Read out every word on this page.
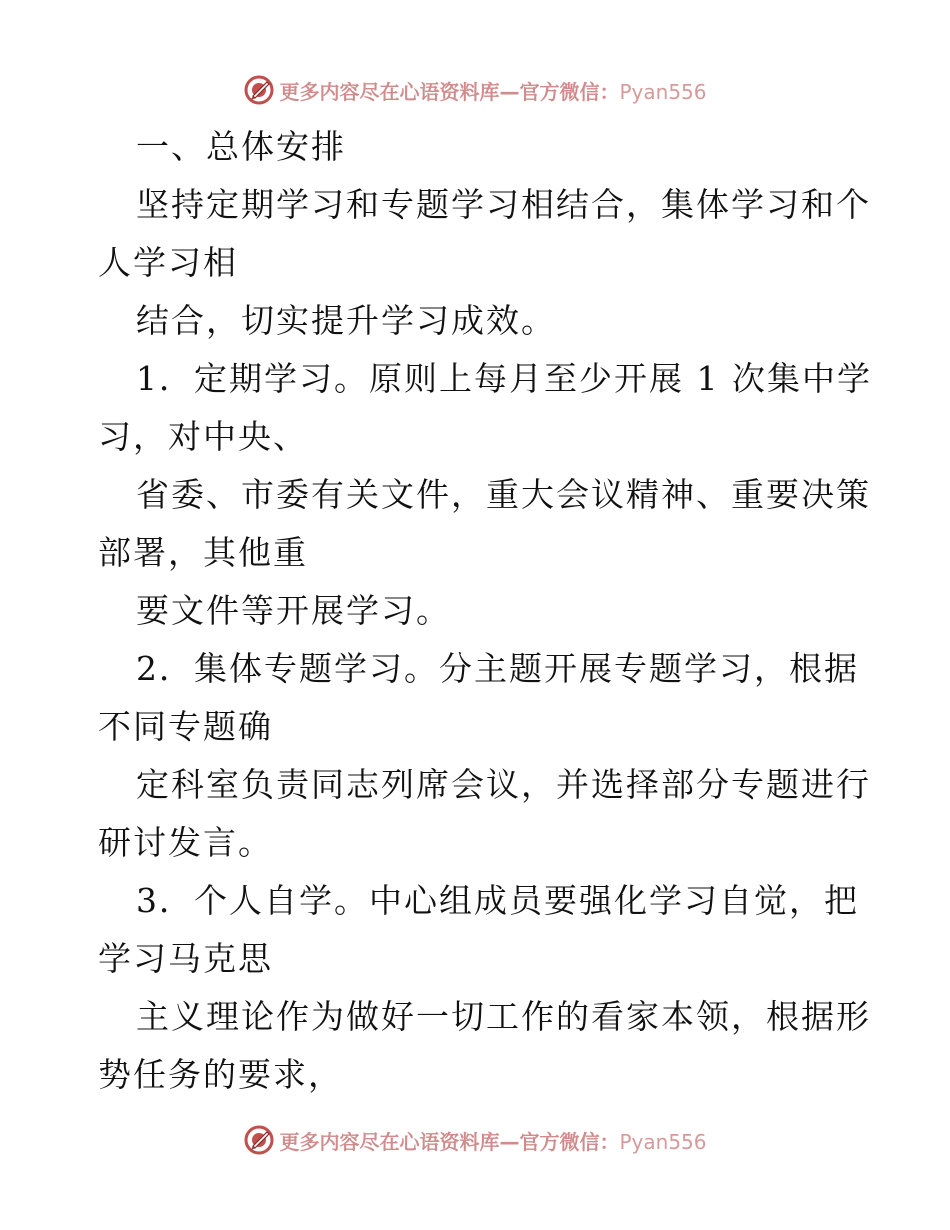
更多内容尽在心语资料库—官方微信：Pyan556
一、总体安排
坚持定期学习和专题学习相结合，集体学习和个
人学习相
结合，切实提升学习成效。
1．定期学习。原则上每月至少开展 1 次集中学
习，对中央、
省委、市委有关文件，重大会议精神、重要决策
部署，其他重
要文件等开展学习。
2．集体专题学习。分主题开展专题学习，根据
不同专题确
定科室负责同志列席会议，并选择部分专题进行
研讨发言。
3．个人自学。中心组成员要强化学习自觉，把
学习马克思
主义理论作为做好一切工作的看家本领，根据形
势任务的要求，
更多内容尽在心语资料库—官方微信：Pyan556
